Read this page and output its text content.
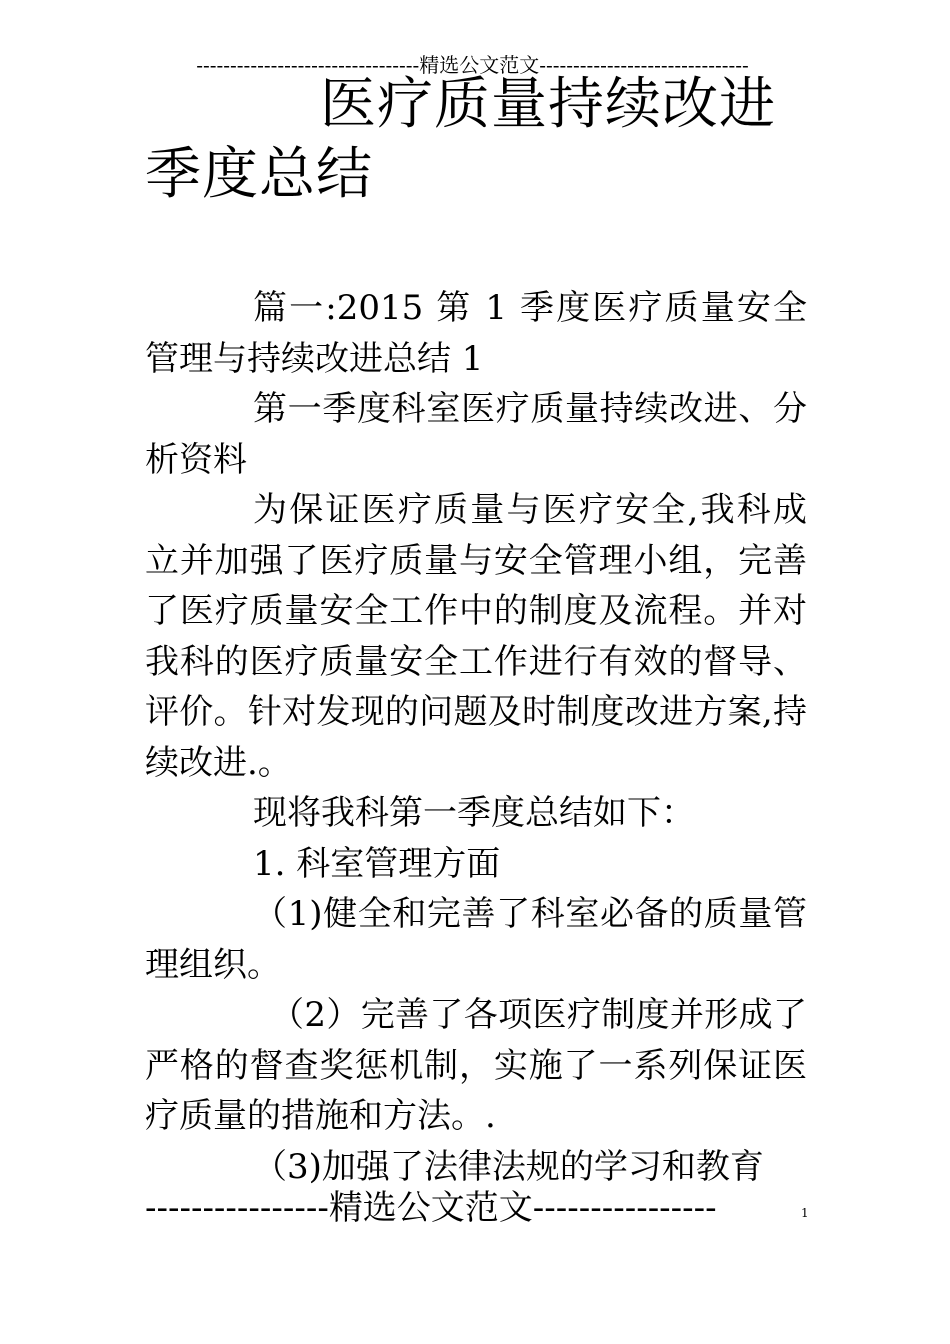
---------------------------------精选公文范文-------------------------------
医疗质量持续改进
季度总结

篇一:2015 第 1 季度医疗质量安全管理与持续改进总结 1

第一季度科室医疗质量持续改进、分析资料

为保证医疗质量与医疗安全,我科成立并加强了医疗质量与安全管理小组，完善了医疗质量安全工作中的制度及流程。并对我科的医疗质量安全工作进行有效的督导、评价。针对发现的问题及时制度改进方案,持续改进.。

现将我科第一季度总结如下：

1. 科室管理方面

（1)健全和完善了科室必备的质量管理组织。

（2）完善了各项医疗制度并形成了严格的督查奖惩机制，实施了一系列保证医疗质量的措施和方法。.

（3)加强了法律法规的学习和教育

----------------精选公文范文----------------	1
